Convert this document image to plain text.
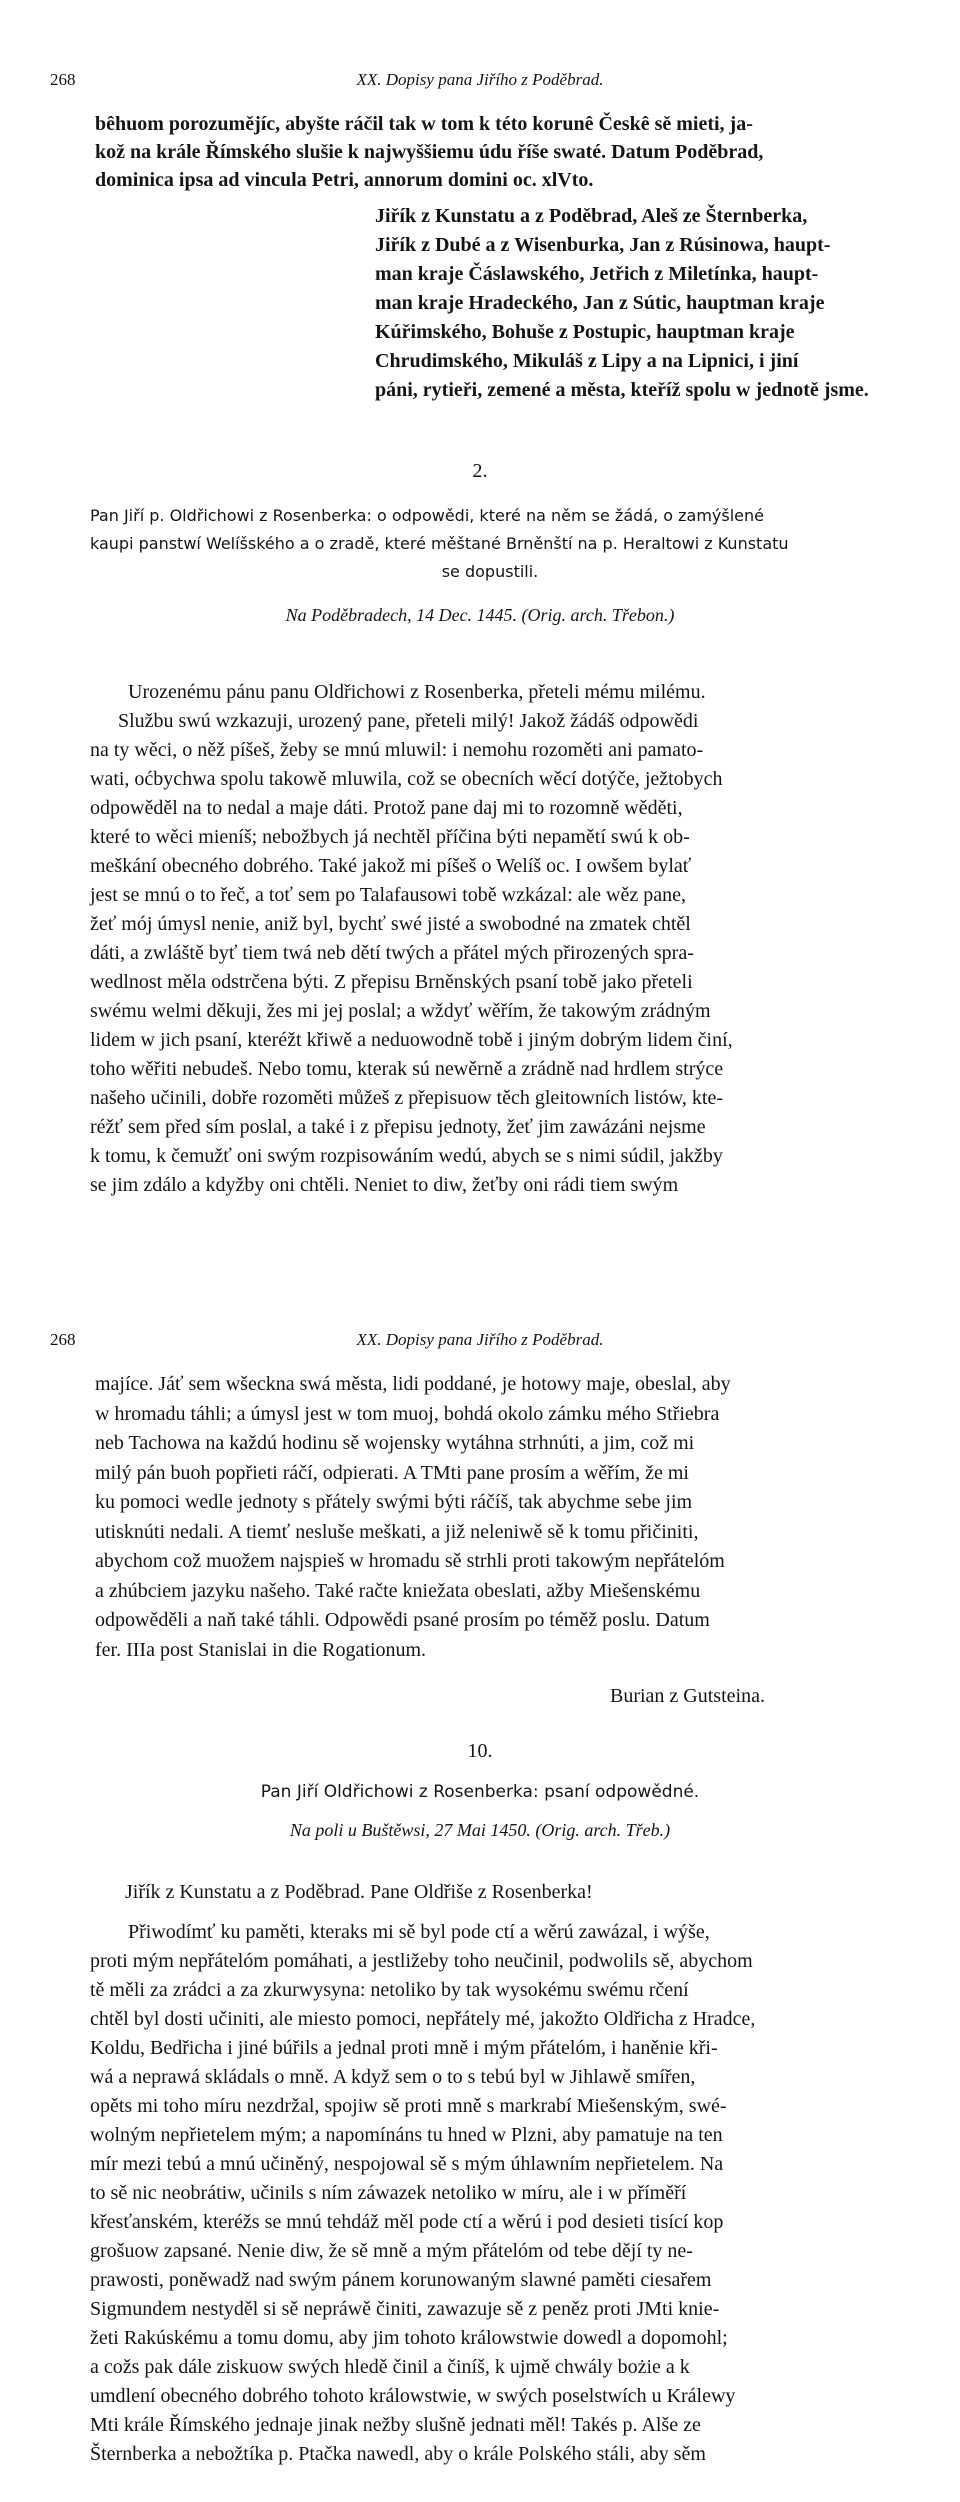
268	XX. Dopisy pana Jiřího z Poděbrad.
bêhuom porozumějíc, abyšte ráčil tak w tom k této korunê Českê sě mieti, ja-
kož na krále Římského slušie k najwyššiemu údu říše swaté. Datum Poděbrad,
dominica ipsa ad vincula Petri, annorum domini oc. xlVto.
Jiřík z Kunstatu a z Poděbrad, Aleš ze Šternberka,
Jiřík z Dubé a z Wisenburka, Jan z Rúsinowa, haupt-
man kraje Čáslawského, Jetřich z Miletínka, haupt-
man kraje Hradeckého, Jan z Sútic, hauptman kraje
Kúřimského, Bohuše z Postupic, hauptman kraje
Chrudimského, Mikuláš z Lipy a na Lipnici, i jiní
páni, rytieři, zemené a města, kteříž spolu w jednotě jsme.
2.
Pan Jiří p. Oldřichowi z Rosenberka: o odpowědi, které na něm se žádá, o zamýšlené
kaupi panstwí Welíšského a o zradě, které měštané Brněnští na p. Heraltowi z Kunstatu
se dopustili.
Na Poděbradech, 14 Dec. 1445. (Orig. arch. Třebon.)
Urozenému pánu panu Oldřichowi z Rosenberka, přeteli mému milému.
Službu swú wzkazuji, urozený pane, přeteli milý! Jakož žádáš odpowědi
na ty wěci, o něž píšeš, žeby se mnú mluwil: i nemohu rozoměti ani pamato-
wati, oćbychwa spolu takowě mluwila, což se obecních wěcí dotýče, ježtobych
odpowěděl na to nedal a maje dáti. Protož pane daj mi to rozomně wěděti,
které to wěci mieníš; nebožbych já nechtěl příčina býti nepamětí swú k ob-
meškání obecného dobrého. Také jakož mi píšeš o Welíš oc. I owšem bylať
jest se mnú o to řeč, a toť sem po Talafausowi tobě wzkázal: ale wěz pane,
žeť mój úmysl nenie, aniž byl, bychť swé jisté a swobodné na zmatek chtěl
dáti, a zwláště byť tiem twá neb dětí twých a přátel mých přirozených spra-
wedlnost měla odstrčena býti. Z přepisu Brněnských psaní tobě jako přeteli
swému welmi děkuji, žes mi jej poslal; a wždyť wěřím, že takowým zrádným
lidem w jich psaní, kteréžt křiwě a neduowodně tobě i jiným dobrým lidem činí,
toho wěřiti nebudeš. Nebo tomu, kterak sú newěrně a zrádně nad hrdlem strýce
našeho učinili, dobře rozoměti můžeš z přepisuow těch gleitowních listów, kte-
réžť sem před sím poslal, a také i z přepisu jednoty, žeť jim zawázáni nejsme
k tomu, k čemužť oni swým rozpisowáním wedú, abych se s nimi súdil, jakžby
se jim zdálo a kdyžby oni chtěli. Neniet to diw, žeťby oni rádi tiem swým
268	XX. Dopisy pana Jiřího z Poděbrad.
majíce. Jáť sem wšeckna swá města, lidi poddané, je hotowy maje, obeslal, aby
w hromadu táhli; a úmysl jest w tom muoj, bohdá okolo zámku mého Střiebra
neb Tachowa na každú hodinu sě wojensky wytáhna strhnúti, a jim, což mi
milý pán buoh popřieti ráčí, odpierati. A TMti pane prosím a wěřím, že mi
ku pomoci wedle jednoty s přátely swými býti ráčíš, tak abychme sebe jim
utisknúti nedali. A tiemť nesluše meškati, a již neleniwě sě k tomu přičiniti,
abychom což muožem najspieš w hromadu sě strhli proti takowým nepřátelóm
a zhúbciem jazyku našeho. Také račte kniežata obeslati, ažby Miešenskému
odpowěděli a naň také táhli. Odpowědi psané prosím po téměž poslu. Datum
fer. IIIa post Stanislai in die Rogationum.
Burian z Gutsteina.
10.
Pan Jiří Oldřichowi z Rosenberka: psaní odpowědné.
Na poli u Buštěwsi, 27 Mai 1450. (Orig. arch. Třeb.)
Jiřík z Kunstatu a z Poděbrad. Pane Oldřiše z Rosenberka!
Přiwodímť ku paměti, kteraks mi sě byl pode ctí a wěrú zawázal, i wýše,
proti mým nepřátelóm pomáhati, a jestližeby toho neučinil, podwolils sě, abychom
tě měli za zrádci a za zkurwysyna: netoliko by tak wysokému swému rčení
chtěl byl dosti učiniti, ale miesto pomoci, nepřátely mé, jakožto Oldřicha z Hradce,
Koldu, Bedřicha i jiné búřils a jednal proti mně i mým přátelóm, i haněnie kři-
wá a neprawá skládals o mně. A když sem o to s tebú byl w Jihlawě smířen,
opěts mi toho míru nezdržal, spojiw sě proti mně s markrabí Miešenským, swé-
wolným nepřietelem mým; a napomínáns tu hned w Plzni, aby pamatuje na ten
mír mezi tebú a mnú učiněný, nespojowal sě s mým úhlawním nepřietelem. Na
to sě nic neobrátiw, učinils s ním záwazek netoliko w míru, ale i w příměří
křesťanském, kteréžs se mnú tehdáž měl pode ctí a wěrú i pod desieti tisící kop
grošuow zapsané. Nenie diw, že sě mně a mým přátelóm od tebe dějí ty ne-
prawosti, poněwadž nad swým pánem korunowaným slawné paměti ciesařem
Sigmundem nestyděl si sě nepráwě činiti, zawazuje sě z peněz proti JMti knie-
žeti Rakúskému a tomu domu, aby jim tohoto králowstwie dowedl a dopomohl;
a cožs pak dále ziskuow swých hledě činil a činíš, k ujmě chwály bożie a k
umdlení obecného dobrého tohoto králowstwie, w swých poselstwích u Králewy
Mti krále Římského jednaje jinak nežby slušně jednati měl! Takés p. Alše ze
Šternberka a nebožtíka p. Ptačka nawedl, aby o krále Polského stáli, aby sěm
